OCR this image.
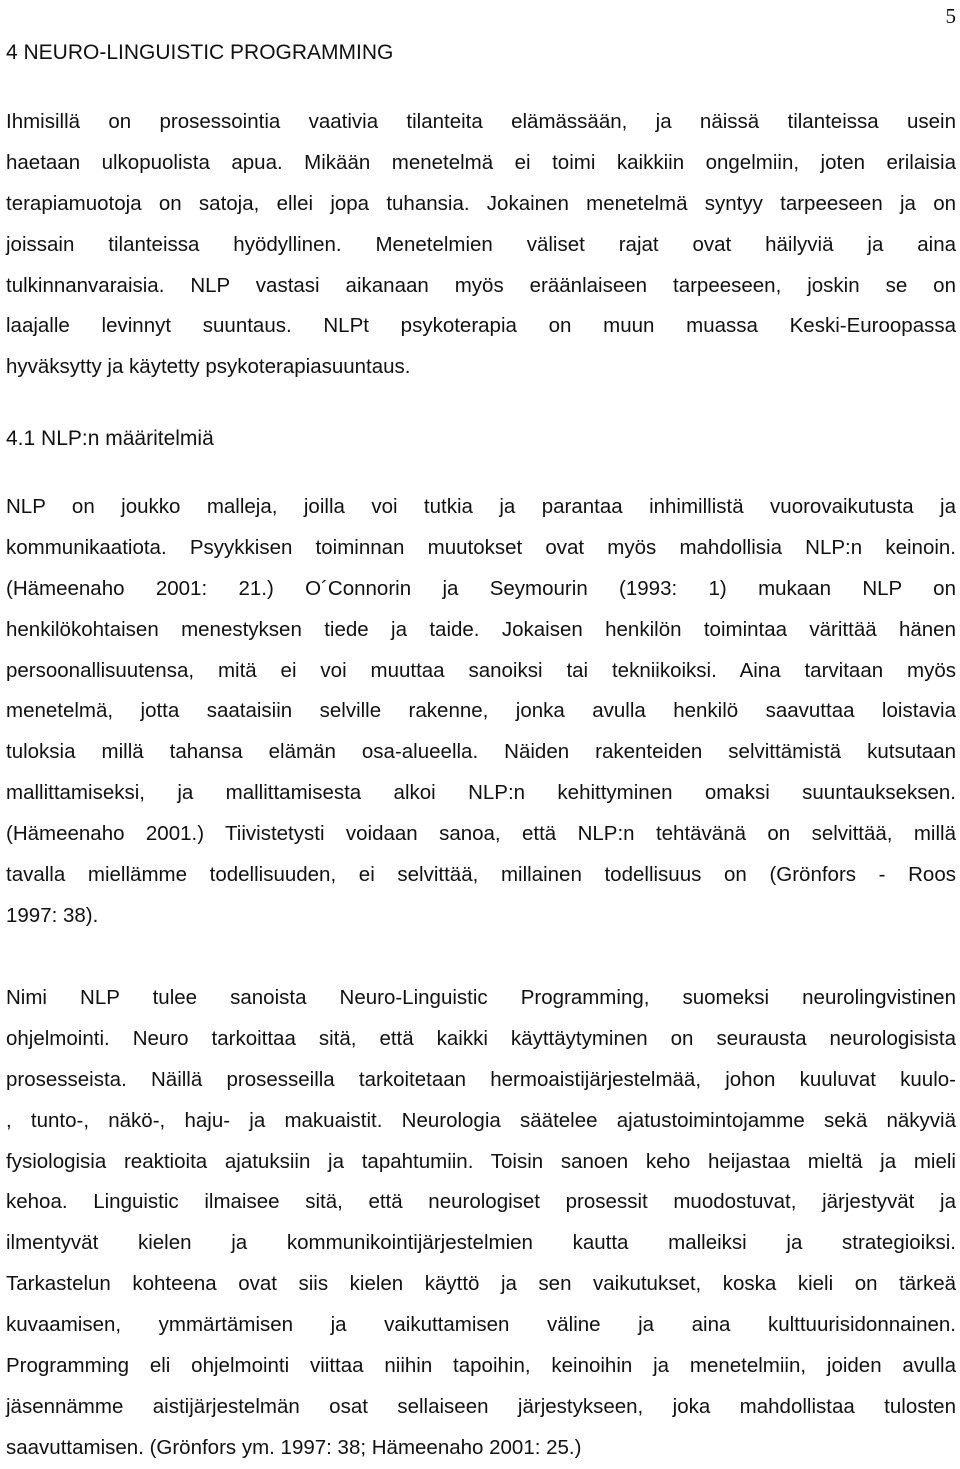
5
4 NEURO-LINGUISTIC PROGRAMMING
Ihmisillä on prosessointia vaativia tilanteita elämässään, ja näissä tilanteissa usein
haetaan ulkopuolista apua. Mikään menetelmä ei toimi kaikkiin ongelmiin, joten erilaisia
terapiamuotoja on satoja, ellei jopa tuhansia. Jokainen menetelmä syntyy tarpeeseen ja on
joissain tilanteissa hyödyllinen. Menetelmien väliset rajat ovat häilyviä ja aina
tulkinnanvaraisia. NLP vastasi aikanaan myös eräänlaiseen tarpeeseen, joskin se on
laajalle levinnyt suuntaus. NLPt psykoterapia on muun muassa Keski-Euroopassa
hyväksytty ja käytetty psykoterapiasuuntaus.
4.1 NLP:n määritelmiä
NLP on joukko malleja, joilla voi tutkia ja parantaa inhimillistä vuorovaikutusta ja
kommunikaatiota. Psyykkisen toiminnan muutokset ovat myös mahdollisia NLP:n keinoin.
(Hämeenaho 2001: 21.) O´Connorin ja Seymourin (1993: 1) mukaan NLP on
henkilökohtaisen menestyksen tiede ja taide. Jokaisen henkilön toimintaa värittää hänen
persoonallisuutensa, mitä ei voi muuttaa sanoiksi tai tekniikoiksi. Aina tarvitaan myös
menetelmä, jotta saataisiin selville rakenne, jonka avulla henkilö saavuttaa loistavia
tuloksia millä tahansa elämän osa-alueella. Näiden rakenteiden selvittämistä kutsutaan
mallittamiseksi, ja mallittamisesta alkoi NLP:n kehittyminen omaksi suuntaukseksen.
(Hämeenaho 2001.) Tiivistetysti voidaan sanoa, että NLP:n tehtävänä on selvittää, millä
tavalla miellämme todellisuuden, ei selvittää, millainen todellisuus on (Grönfors - Roos
1997: 38).
Nimi NLP tulee sanoista Neuro-Linguistic Programming, suomeksi neurolingvistinen
ohjelmointi. Neuro tarkoittaa sitä, että kaikki käyttäytyminen on seurausta neurologisista
prosesseista. Näillä prosesseilla tarkoitetaan hermoaistijärjestelmää, johon kuuluvat kuulo-
, tunto-, näkö-, haju- ja makuaistit. Neurologia säätelee ajatustoimintojamme sekä näkyviä
fysiologisia reaktioita ajatuksiin ja tapahtumiin. Toisin sanoen keho heijastaa mieltä ja mieli
kehoa. Linguistic ilmaisee sitä, että neurologiset prosessit muodostuvat, järjestyvät ja
ilmentyvät kielen ja kommunikointijärjestelmien kautta malleiksi ja strategioiksi.
Tarkastelun kohteena ovat siis kielen käyttö ja sen vaikutukset, koska kieli on tärkeä
kuvaamisen, ymmärtämisen ja vaikuttamisen väline ja aina kulttuurisidonnainen.
Programming eli ohjelmointi viittaa niihin tapoihin, keinoihin ja menetelmiin, joiden avulla
jäsennämme aistijärjestelmän osat sellaiseen järjestykseen, joka mahdollistaa tulosten
saavuttamisen. (Grönfors ym. 1997: 38; Hämeenaho 2001: 25.)
